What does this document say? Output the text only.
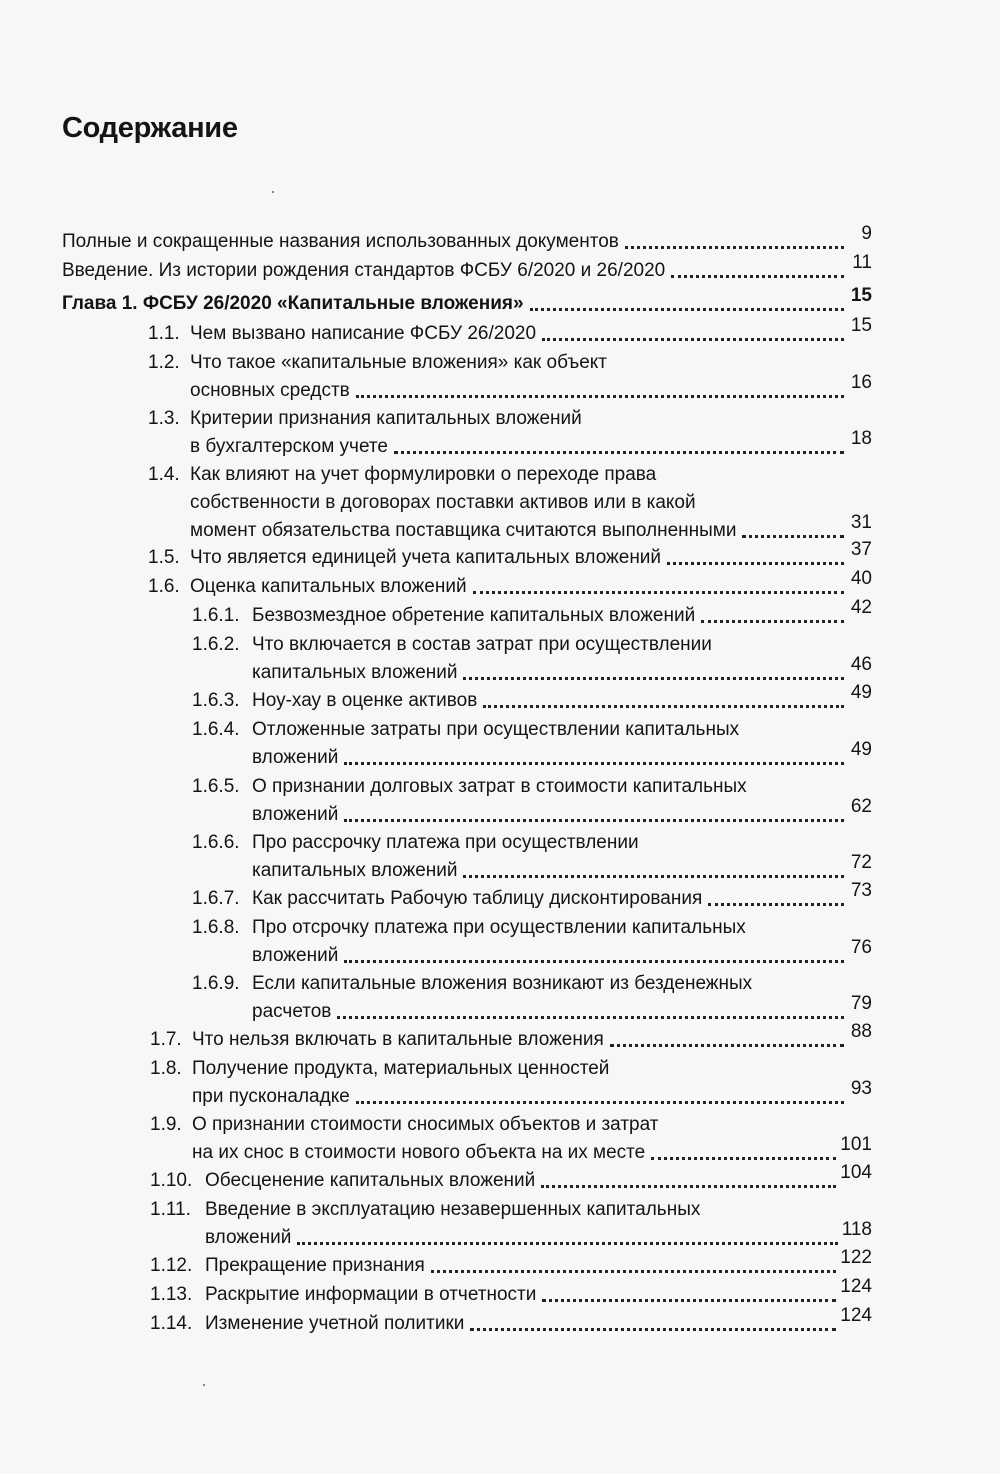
Содержание
Полные и сокращенные названия использованных документов	9
Введение. Из истории рождения стандартов ФСБУ 6/2020 и 26/2020	11
Глава 1. ФСБУ 26/2020 «Капитальные вложения»	15
1.1. Чем вызвано написание ФСБУ 26/2020	15
1.2. Что такое «капитальные вложения» как объект
основных средств	16
1.3. Критерии признания капитальных вложений
в бухгалтерском учете	18
1.4. Как влияют на учет формулировки о переходе права
собственности в договорах поставки активов или в какой
момент обязательства поставщика считаются выполненными	31
1.5. Что является единицей учета капитальных вложений	37
1.6. Оценка капитальных вложений	40
1.6.1. Безвозмездное обретение капитальных вложений	42
1.6.2. Что включается в состав затрат при осуществлении
капитальных вложений	46
1.6.3. Ноу-хау в оценке активов	49
1.6.4. Отложенные затраты при осуществлении капитальных
вложений	49
1.6.5. О признании долговых затрат в стоимости капитальных
вложений	62
1.6.6. Про рассрочку платежа при осуществлении
капитальных вложений	72
1.6.7. Как рассчитать Рабочую таблицу дисконтирования	73
1.6.8. Про отсрочку платежа при осуществлении капитальных
вложений	76
1.6.9. Если капитальные вложения возникают из безденежных
расчетов	79
1.7. Что нельзя включать в капитальные вложения	88
1.8. Получение продукта, материальных ценностей
при пусконаладке	93
1.9. О признании стоимости сносимых объектов и затрат
на их снос в стоимости нового объекта на их месте	101
1.10. Обесценение капитальных вложений	104
1.11. Введение в эксплуатацию незавершенных капитальных
вложений	118
1.12. Прекращение признания	122
1.13. Раскрытие информации в отчетности	124
1.14. Изменение учетной политики	124
